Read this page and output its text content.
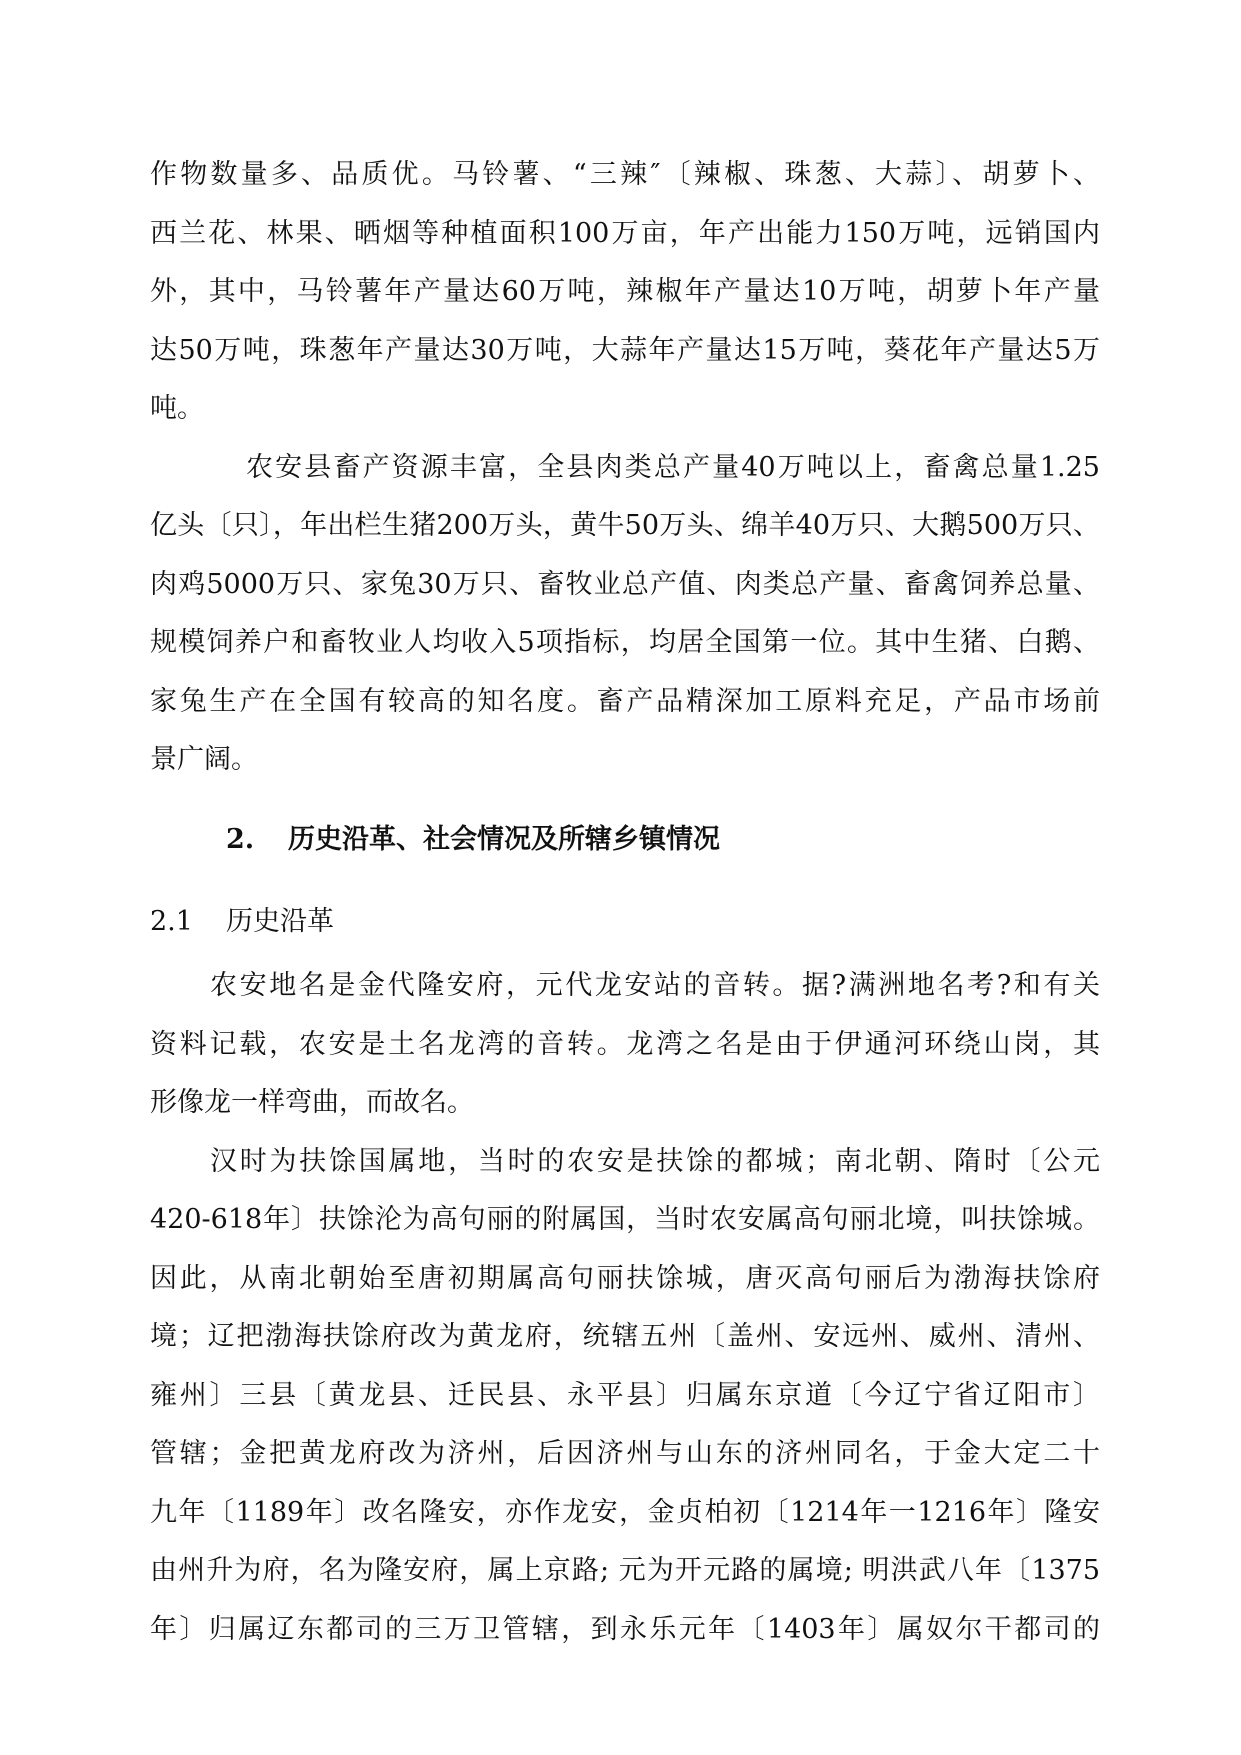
作物数量多、品质优。马铃薯、“三辣″〔辣椒、珠葱、大蒜〕、胡萝卜、
西兰花、林果、晒烟等种植面积100万亩，年产出能力150万吨，远销国内
外，其中，马铃薯年产量达60万吨，辣椒年产量达10万吨，胡萝卜年产量
达50万吨，珠葱年产量达30万吨，大蒜年产量达15万吨，葵花年产量达5万
吨。
农安县畜产资源丰富，全县肉类总产量40万吨以上，畜禽总量1.25
亿头〔只〕，年出栏生猪200万头，黄牛50万头、绵羊40万只、大鹅500万只、
肉鸡5000万只、家兔30万只、畜牧业总产值、肉类总产量、畜禽饲养总量、
规模饲养户和畜牧业人均收入5项指标，均居全国第一位。其中生猪、白鹅、
家兔生产在全国有较高的知名度。畜产品精深加工原料充足，产品市场前
景广阔。
2. 历史沿革、社会情况及所辖乡镇情况
2.1 历史沿革
农安地名是金代隆安府，元代龙安站的音转。据?满洲地名考?和有关
资料记载，农安是土名龙湾的音转。龙湾之名是由于伊通河环绕山岗，其
形像龙一样弯曲，而故名。
汉时为扶馀国属地，当时的农安是扶馀的都城；南北朝、隋时〔公元
420-618年〕扶馀沦为高句丽的附属国，当时农安属高句丽北境，叫扶馀城。
因此，从南北朝始至唐初期属高句丽扶馀城，唐灭高句丽后为渤海扶馀府
境；辽把渤海扶馀府改为黄龙府，统辖五州〔盖州、安远州、威州、清州、
雍州〕三县〔黄龙县、迁民县、永平县〕归属东京道〔今辽宁省辽阳市〕
管辖；金把黄龙府改为济州，后因济州与山东的济州同名，于金大定二十
九年〔1189年〕改名隆安，亦作龙安，金贞柏初〔1214年一1216年〕隆安
由州升为府，名为隆安府，属上京路; 元为开元路的属境; 明洪武八年〔1375
年〕归属辽东都司的三万卫管辖，到永乐元年〔1403年〕属奴尔干都司的
